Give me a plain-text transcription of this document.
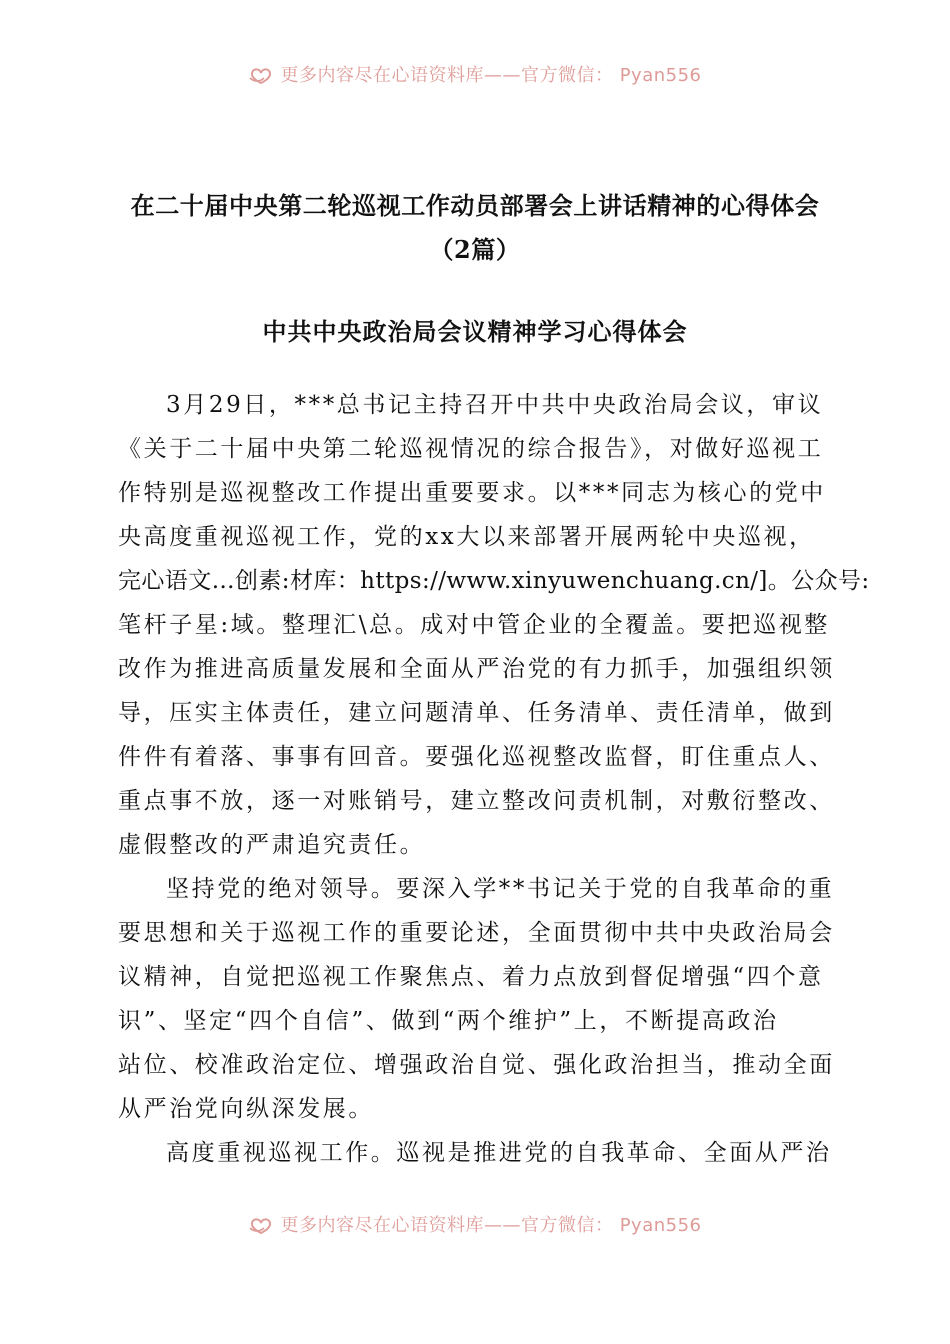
更多内容尽在心语资料库——官方微信： Pyan556
在二十届中央第二轮巡视工作动员部署会上讲话精神的心得体会
（2篇）
中共中央政治局会议精神学习心得体会
3月29日，***总书记主持召开中共中央政治局会议，审议
《关于二十届中央第二轮巡视情况的综合报告》，对做好巡视工
作特别是巡视整改工作提出重要要求。以***同志为核心的党中
央高度重视巡视工作，党的xx大以来部署开展两轮中央巡视，
完心语文…创素:材库：https://www.xinyuwenchuang.cn/]。公众号:
笔杆子星:域。整理汇\总。成对中管企业的全覆盖。要把巡视整
改作为推进高质量发展和全面从严治党的有力抓手，加强组织领
导，压实主体责任，建立问题清单、任务清单、责任清单，做到
件件有着落、事事有回音。要强化巡视整改监督，盯住重点人、
重点事不放，逐一对账销号，建立整改问责机制，对敷衍整改、
虚假整改的严肃追究责任。
坚持党的绝对领导。要深入学**书记关于党的自我革命的重
要思想和关于巡视工作的重要论述，全面贯彻中共中央政治局会
议精神，自觉把巡视工作聚焦点、着力点放到督促增强“四个意
识”、坚定“四个自信”、做到“两个维护”上，不断提高政治
站位、校准政治定位、增强政治自觉、强化政治担当，推动全面
从严治党向纵深发展。
高度重视巡视工作。巡视是推进党的自我革命、全面从严治
更多内容尽在心语资料库——官方微信： Pyan556
